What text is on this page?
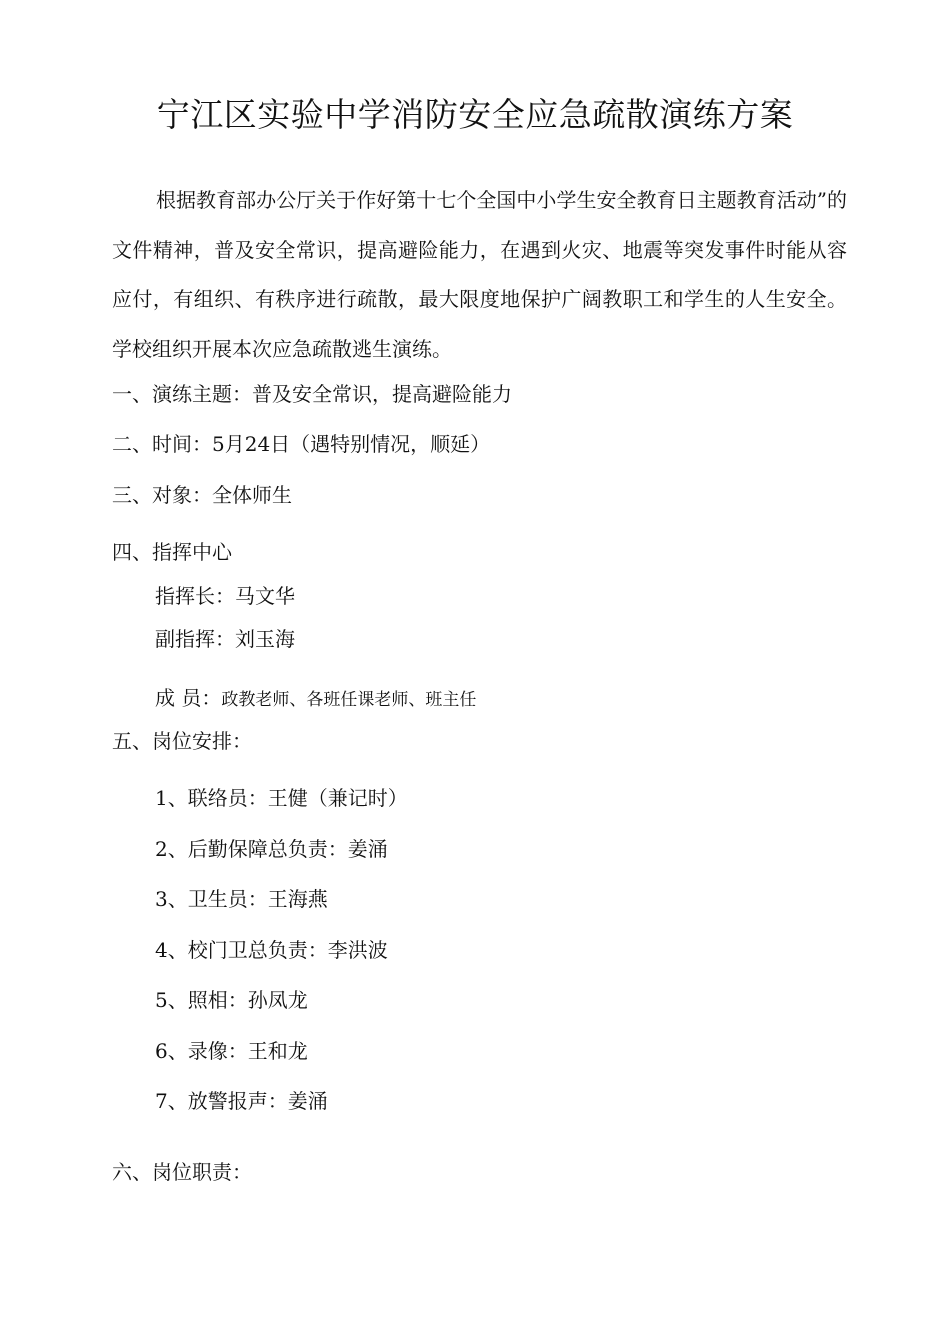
宁江区实验中学消防安全应急疏散演练方案
根据教育部办公厅关于作好第十七个全国中小学生安全教育日主题教育活动”的文件精神，普及安全常识，提高避险能力，在遇到火灾、地震等突发事件时能从容应付，有组织、有秩序进行疏散，最大限度地保护广阔教职工和学生的人生安全。学校组织开展本次应急疏散逃生演练。
一、演练主题：普及安全常识，提高避险能力
二、时间：5月24日（遇特别情况，顺延）
三、对象：全体师生
四、指挥中心
指挥长：马文华
副指挥：刘玉海
成 员：政教老师、各班任课老师、班主任
五、岗位安排：
1、联络员：王健（兼记时）
2、后勤保障总负责：姜涌
3、卫生员：王海燕
4、校门卫总负责：李洪波
5、照相：孙凤龙
6、录像：王和龙
7、放警报声：姜涌
六、岗位职责：
